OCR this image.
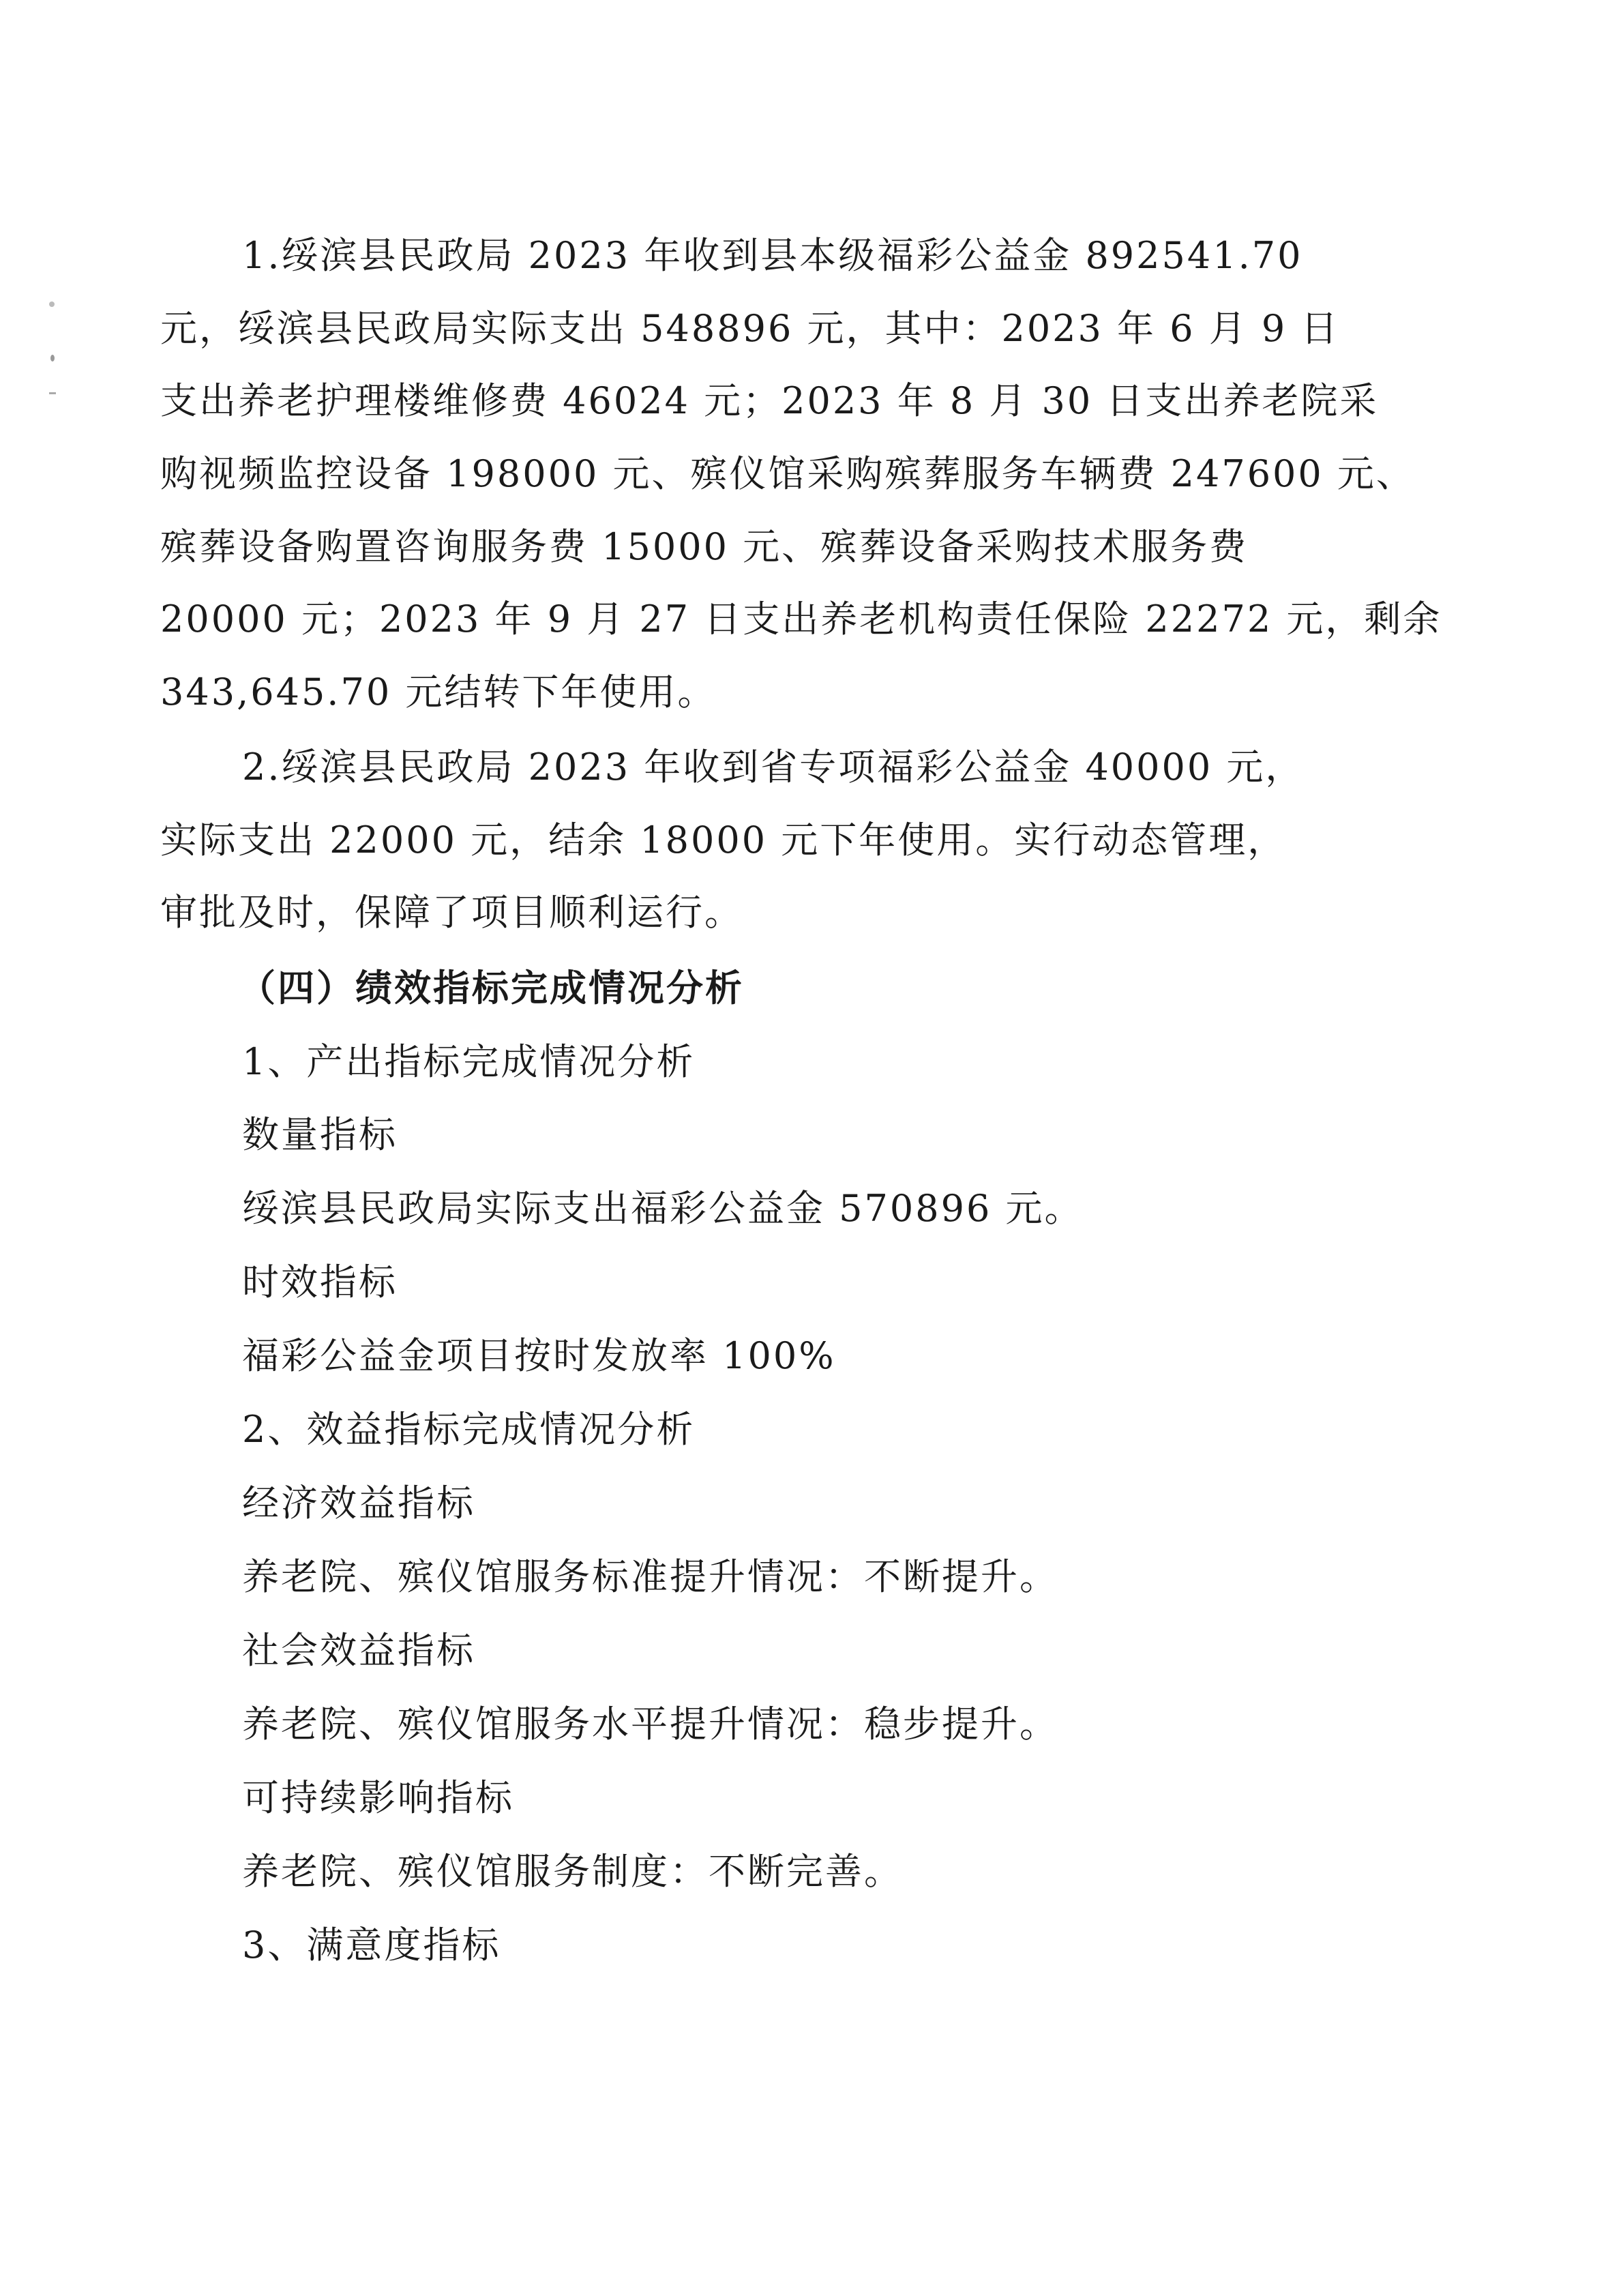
1.绥滨县民政局 2023 年收到县本级福彩公益金 892541.70
元，绥滨县民政局实际支出 548896 元，其中：2023 年 6 月 9 日
支出养老护理楼维修费 46024 元；2023 年 8 月 30 日支出养老院采
购视频监控设备 198000 元、殡仪馆采购殡葬服务车辆费 247600 元、
殡葬设备购置咨询服务费 15000 元、殡葬设备采购技术服务费
20000 元；2023 年 9 月 27 日支出养老机构责任保险 22272 元，剩余
343,645.70 元结转下年使用。
2.绥滨县民政局 2023 年收到省专项福彩公益金 40000 元，
实际支出 22000 元，结余 18000 元下年使用。实行动态管理，
审批及时，保障了项目顺利运行。
（四）绩效指标完成情况分析
1、产出指标完成情况分析
数量指标
绥滨县民政局实际支出福彩公益金 570896 元。
时效指标
福彩公益金项目按时发放率 100%
2、效益指标完成情况分析
经济效益指标
养老院、殡仪馆服务标准提升情况：不断提升。
社会效益指标
养老院、殡仪馆服务水平提升情况：稳步提升。
可持续影响指标
养老院、殡仪馆服务制度：不断完善。
3、满意度指标
